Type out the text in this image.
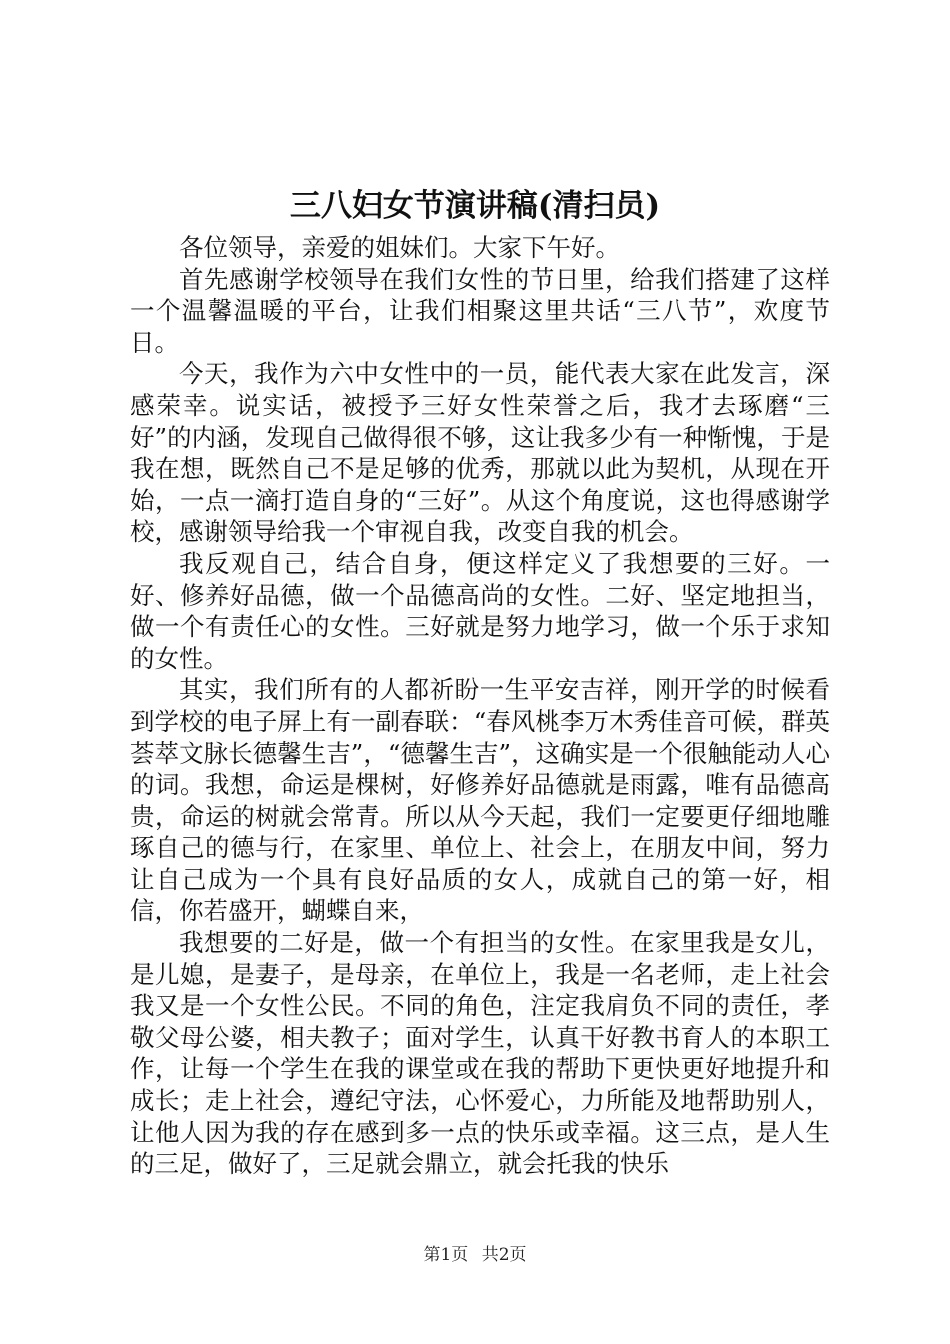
三八妇女节演讲稿(清扫员)

各位领导，亲爱的姐妹们。大家下午好。

首先感谢学校领导在我们女性的节日里，给我们搭建了这样一个温馨温暖的平台，让我们相聚这里共话“三八节”，欢度节日。

今天，我作为六中女性中的一员，能代表大家在此发言，深感荣幸。说实话，被授予三好女性荣誉之后，我才去琢磨“三好”的内涵，发现自己做得很不够，这让我多少有一种惭愧，于是我在想，既然自己不是足够的优秀，那就以此为契机，从现在开始，一点一滴打造自身的“三好”。从这个角度说，这也得感谢学校，感谢领导给我一个审视自我，改变自我的机会。

我反观自己，结合自身，便这样定义了我想要的三好。一好、修养好品德，做一个品德高尚的女性。二好、坚定地担当，做一个有责任心的女性。三好就是努力地学习，做一个乐于求知的女性。

其实，我们所有的人都祈盼一生平安吉祥，刚开学的时候看到学校的电子屏上有一副春联：“春风桃李万木秀佳音可候，群英荟萃文脉长德馨生吉”，“德馨生吉”，这确实是一个很触能动人心的词。我想，命运是棵树，好修养好品德就是雨露，唯有品德高贵，命运的树就会常青。所以从今天起，我们一定要更仔细地雕琢自己的德与行，在家里、单位上、社会上，在朋友中间，努力让自己成为一个具有良好品质的女人，成就自己的第一好，相信，你若盛开，蝴蝶自来，

我想要的二好是，做一个有担当的女性。在家里我是女儿，是儿媳，是妻子，是母亲，在单位上，我是一名老师，走上社会我又是一个女性公民。不同的角色，注定我肩负不同的责任，孝敬父母公婆，相夫教子；面对学生，认真干好教书育人的本职工作，让每一个学生在我的课堂或在我的帮助下更快更好地提升和成长；走上社会，遵纪守法，心怀爱心，力所能及地帮助别人，让他人因为我的存在感到多一点的快乐或幸福。这三点，是人生的三足，做好了，三足就会鼎立，就会托我的快乐

第1页 共2页
